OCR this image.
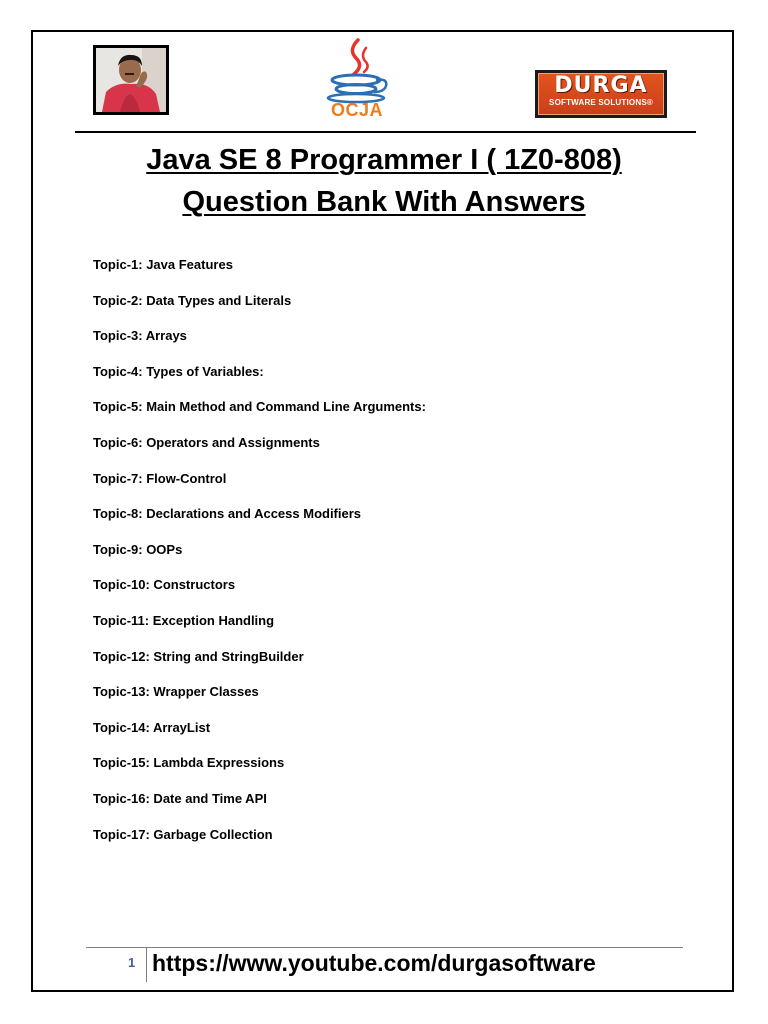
OCJA
DURGA
SOFTWARE SOLUTIONS®
Java SE 8 Programmer I ( 1Z0-808)
Question Bank With Answers
Topic-1: Java Features
Topic-2: Data Types and Literals
Topic-3: Arrays
Topic-4: Types of Variables:
Topic-5: Main Method and Command Line Arguments:
Topic-6: Operators and Assignments
Topic-7: Flow-Control
Topic-8: Declarations and Access Modifiers
Topic-9: OOPs
Topic-10: Constructors
Topic-11: Exception Handling
Topic-12: String and StringBuilder
Topic-13: Wrapper Classes
Topic-14: ArrayList
Topic-15: Lambda Expressions
Topic-16: Date and Time API
Topic-17: Garbage Collection
1 https://www.youtube.com/durgasoftware
